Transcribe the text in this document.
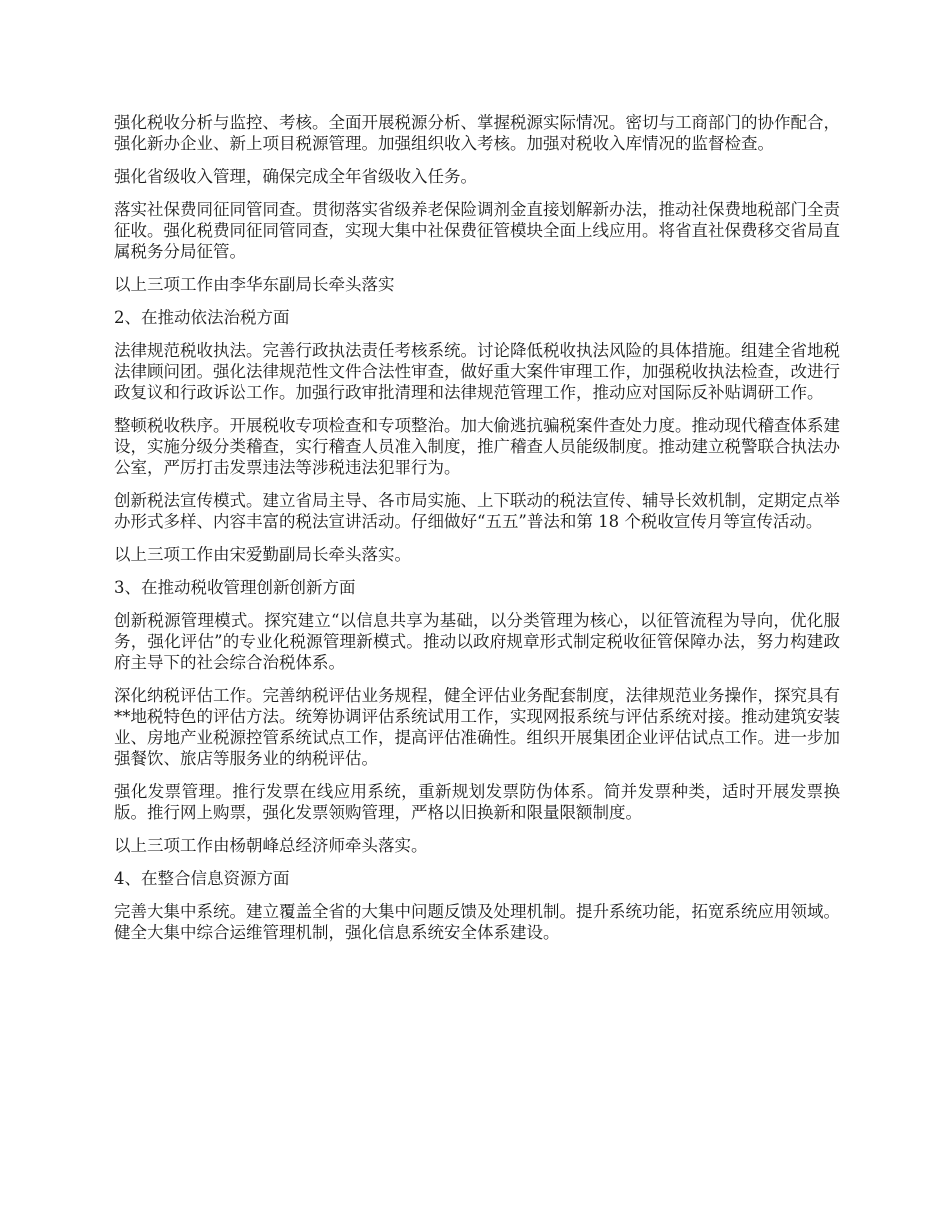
强化税收分析与监控、考核。全面开展税源分析、掌握税源实际情况。密切与工商部门的协作配合，强化新办企业、新上项目税源管理。加强组织收入考核。加强对税收入库情况的监督检查。

强化省级收入管理，确保完成全年省级收入任务。

落实社保费同征同管同查。贯彻落实省级养老保险调剂金直接划解新办法，推动社保费地税部门全责征收。强化税费同征同管同查，实现大集中社保费征管模块全面上线应用。将省直社保费移交省局直属税务分局征管。

以上三项工作由李华东副局长牵头落实

2、在推动依法治税方面

法律规范税收执法。完善行政执法责任考核系统。讨论降低税收执法风险的具体措施。组建全省地税法律顾问团。强化法律规范性文件合法性审查，做好重大案件审理工作，加强税收执法检查，改进行政复议和行政诉讼工作。加强行政审批清理和法律规范管理工作，推动应对国际反补贴调研工作。

整顿税收秩序。开展税收专项检查和专项整治。加大偷逃抗骗税案件查处力度。推动现代稽查体系建设，实施分级分类稽查，实行稽查人员准入制度，推广稽查人员能级制度。推动建立税警联合执法办公室，严厉打击发票违法等涉税违法犯罪行为。

创新税法宣传模式。建立省局主导、各市局实施、上下联动的税法宣传、辅导长效机制，定期定点举办形式多样、内容丰富的税法宣讲活动。仔细做好“五五”普法和第 18 个税收宣传月等宣传活动。

以上三项工作由宋爱勤副局长牵头落实。

3、在推动税收管理创新创新方面

创新税源管理模式。探究建立“以信息共享为基础，以分类管理为核心，以征管流程为导向，优化服务，强化评估”的专业化税源管理新模式。推动以政府规章形式制定税收征管保障办法，努力构建政府主导下的社会综合治税体系。

深化纳税评估工作。完善纳税评估业务规程，健全评估业务配套制度，法律规范业务操作，探究具有**地税特色的评估方法。统筹协调评估系统试用工作，实现网报系统与评估系统对接。推动建筑安装业、房地产业税源控管系统试点工作，提高评估准确性。组织开展集团企业评估试点工作。进一步加强餐饮、旅店等服务业的纳税评估。

强化发票管理。推行发票在线应用系统，重新规划发票防伪体系。简并发票种类，适时开展发票换版。推行网上购票，强化发票领购管理，严格以旧换新和限量限额制度。

以上三项工作由杨朝峰总经济师牵头落实。

4、在整合信息资源方面

完善大集中系统。建立覆盖全省的大集中问题反馈及处理机制。提升系统功能，拓宽系统应用领域。健全大集中综合运维管理机制，强化信息系统安全体系建设。
